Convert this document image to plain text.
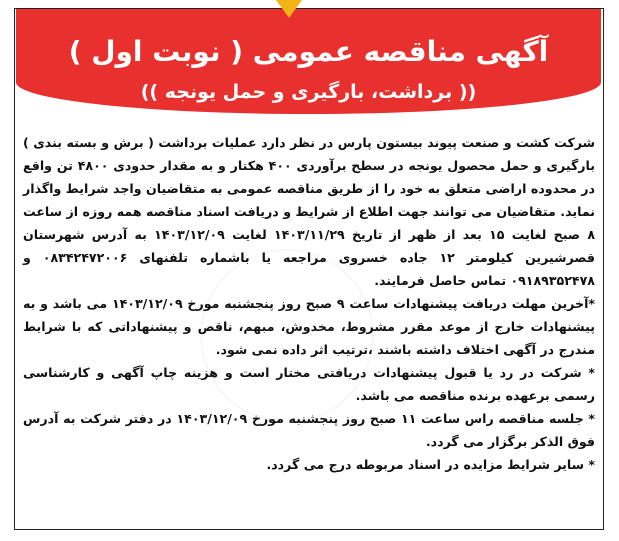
آگهی مناقصه عمومی ( نوبت اول )
(( برداشت، بارگیری و حمل یونجه ))

شرکت کشت و صنعت پیوند بیستون پارس در نظر دارد عملیات برداشت ( برش و بسته بندی ) بارگیری و حمل محصول یونجه در سطح برآوردی ۴۰۰ هکتار و به مقدار حدودی ۴۸۰۰ تن واقع در محدوده اراضی متعلق به خود را از طریق مناقصه عمومی به متقاضیان واجد شرایط واگذار نماید. متقاضیان می توانند جهت اطلاع از شرایط و دریافت اسناد مناقصه همه روزه از ساعت ۸ صبح لغایت ۱۵ بعد از ظهر از تاریخ ۱۴۰۳/۱۱/۲۹ لغایت ۱۴۰۳/۱۲/۰۹ به آدرس شهرستان قصرشیرین کیلومتر ۱۲ جاده خسروی مراجعه یا باشماره تلفنهای ۰۸۳۴۲۴۷۲۰۰۶ و ۰۹۱۸۹۳۵۲۴۷۸ تماس حاصل فرمایند.

*آخرین مهلت دریافت پیشنهادات ساعت ۹ صبح روز پنجشنبه مورخ ۱۴۰۳/۱۲/۰۹ می باشد و به پیشنهادات خارج از موعد مقرر مشروط، مخدوش، مبهم، ناقص و پیشنهاداتی که با شرایط مندرج در آگهی اختلاف داشته باشند ،ترتیب اثر داده نمی شود.

* شرکت در رد یا قبول پیشنهادات دریافتی مختار است و هزینه چاپ آگهی و کارشناسی رسمی برعهده برنده مناقصه می باشد.

* جلسه مناقصه راس ساعت ۱۱ صبح روز پنجشنبه مورخ ۱۴۰۳/۱۲/۰۹ در دفتر شرکت به آدرس فوق الذکر برگزار می گردد.

* سایر شرایط مزایده در اسناد مربوطه درج می گردد.
